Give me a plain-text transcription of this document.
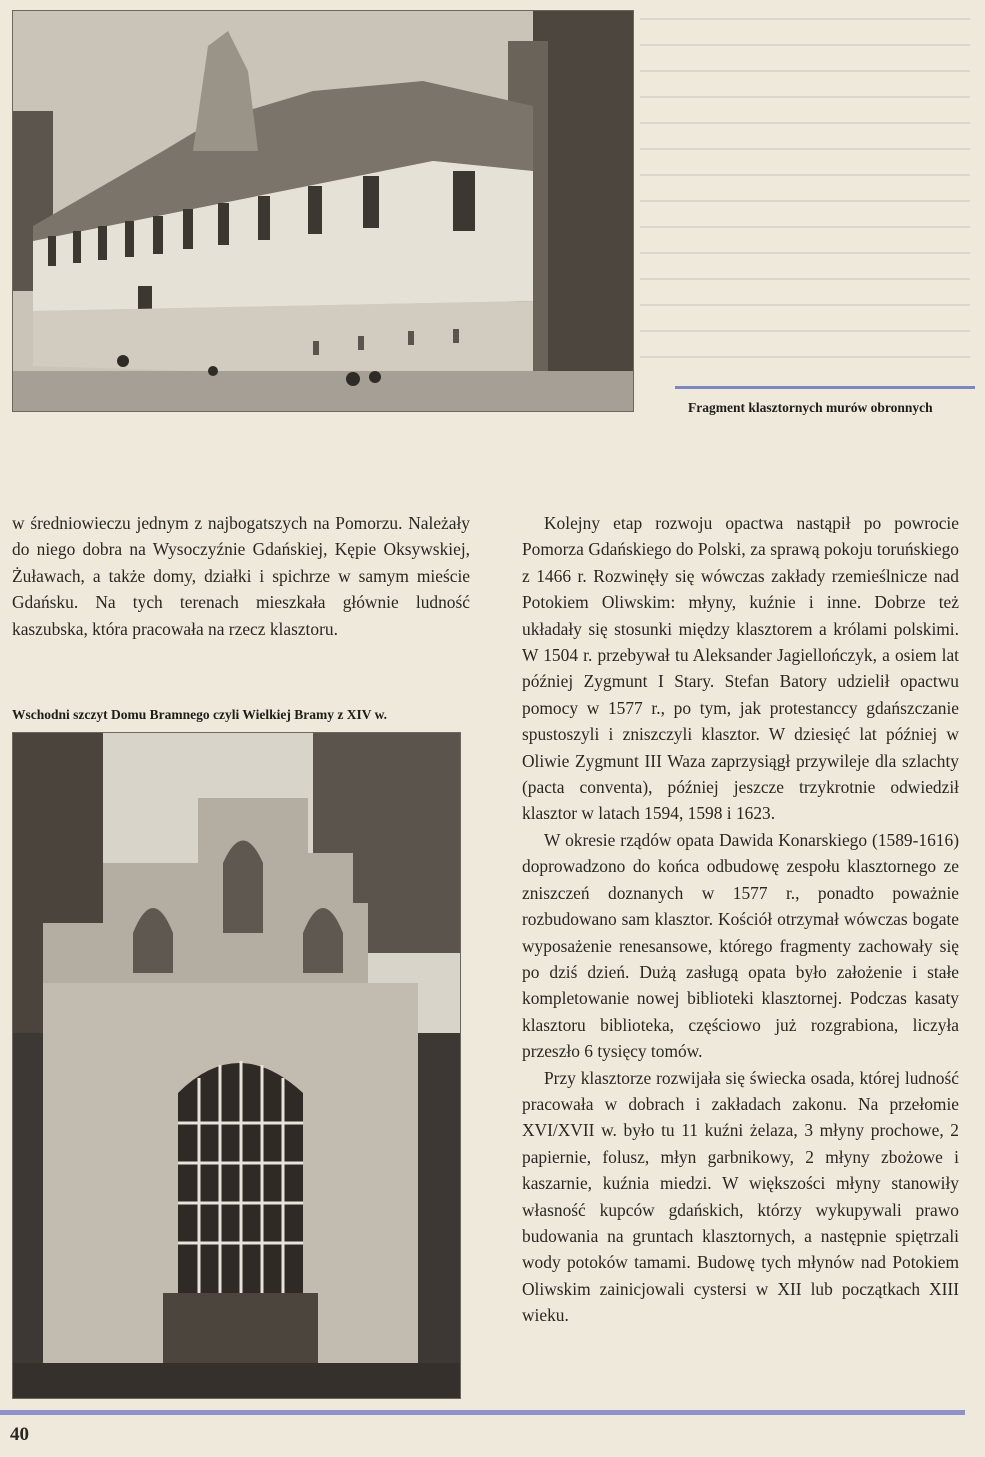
Fragment klasztornych murów obronnych

w średniowieczu jednym z najbogatszych na Pomorzu. Należały do niego dobra na Wysoczyźnie Gdańskiej, Kępie Oksywskiej, Żuławach, a także domy, działki i spichrze w samym mieście Gdańsku. Na tych terenach mieszkała głównie ludność kaszubska, która pracowała na rzecz klasztoru.

Wschodni szczyt Domu Bramnego czyli Wielkiej Bramy z XIV w.

Kolejny etap rozwoju opactwa nastąpił po powrocie Pomorza Gdańskiego do Polski, za sprawą pokoju toruńskiego z 1466 r. Rozwinęły się wówczas zakłady rzemieślnicze nad Potokiem Oliwskim: młyny, kuźnie i inne. Dobrze też układały się stosunki między klasztorem a królami polskimi. W 1504 r. przebywał tu Aleksander Jagiellończyk, a osiem lat później Zygmunt I Stary. Stefan Batory udzielił opactwu pomocy w 1577 r., po tym, jak protestanccy gdańszczanie spustoszyli i zniszczyli klasztor. W dziesięć lat później w Oliwie Zygmunt III Waza zaprzysiągł przywileje dla szlachty (pacta conventa), później jeszcze trzykrotnie odwiedził klasztor w latach 1594, 1598 i 1623.

W okresie rządów opata Dawida Konarskiego (1589-1616) doprowadzono do końca odbudowę zespołu klasztornego ze zniszczeń doznanych w 1577 r., ponadto poważnie rozbudowano sam klasztor. Kościół otrzymał wówczas bogate wyposażenie renesansowe, którego fragmenty zachowały się po dziś dzień. Dużą zasługą opata było założenie i stałe kompletowanie nowej biblioteki klasztornej. Podczas kasaty klasztoru biblioteka, częściowo już rozgrabiona, liczyła przeszło 6 tysięcy tomów.

Przy klasztorze rozwijała się świecka osada, której ludność pracowała w dobrach i zakładach zakonu. Na przełomie XVI/XVII w. było tu 11 kuźni żelaza, 3 młyny prochowe, 2 papiernie, folusz, młyn garbnikowy, 2 młyny zbożowe i kaszarnie, kuźnia miedzi. W większości młyny stanowiły własność kupców gdańskich, którzy wykupywali prawo budowania na gruntach klasztornych, a następnie spiętrzali wody potoków tamami. Budowę tych młynów nad Potokiem Oliwskim zainicjowali cystersi w XII lub początkach XIII wieku.

40
